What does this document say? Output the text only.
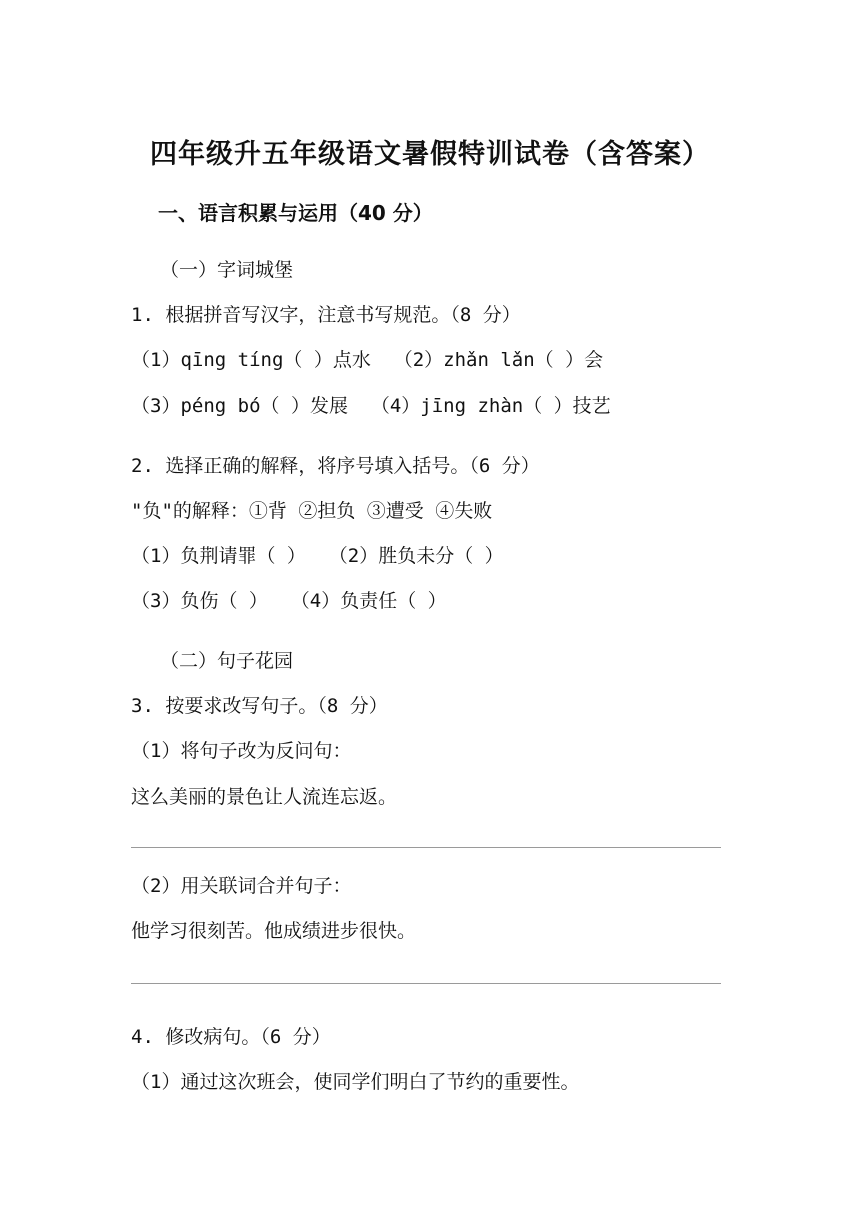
四年级升五年级语文暑假特训试卷（含答案）
一、语言积累与运用（40 分）
（一）字词城堡
1. 根据拼音写汉字，注意书写规范。（8 分）
（1）qīng tíng（ ）点水  （2）zhǎn lǎn（ ）会
（3）péng bó（ ）发展  （4）jīng zhàn（ ）技艺
2. 选择正确的解释，将序号填入括号。（6 分）
"负"的解释：①背 ②担负 ③遭受 ④失败
（1）负荆请罪（ ）  （2）胜负未分（ ）
（3）负伤（ ）  （4）负责任（ ）
（二）句子花园
3. 按要求改写句子。（8 分）
（1）将句子改为反问句：
这么美丽的景色让人流连忘返。
（2）用关联词合并句子：
他学习很刻苦。他成绩进步很快。
4. 修改病句。（6 分）
（1）通过这次班会，使同学们明白了节约的重要性。
